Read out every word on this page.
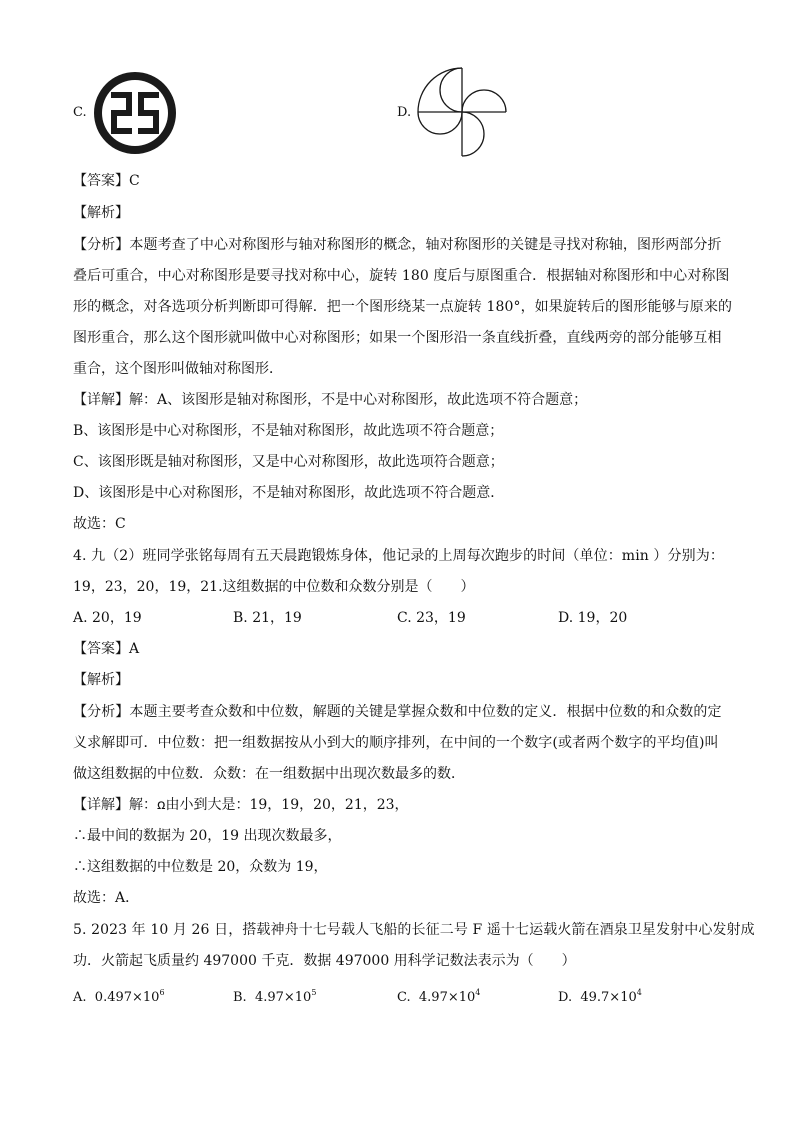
C.	D.
【答案】C
【解析】
【分析】本题考查了中心对称图形与轴对称图形的概念，轴对称图形的关键是寻找对称轴，图形两部分折
叠后可重合，中心对称图形是要寻找对称中心，旋转 180 度后与原图重合．根据轴对称图形和中心对称图
形的概念，对各选项分析判断即可得解．把一个图形绕某一点旋转 180°，如果旋转后的图形能够与原来的
图形重合，那么这个图形就叫做中心对称图形；如果一个图形沿一条直线折叠，直线两旁的部分能够互相
重合，这个图形叫做轴对称图形．
【详解】解：A、该图形是轴对称图形，不是中心对称图形，故此选项不符合题意；
B、该图形是中心对称图形，不是轴对称图形，故此选项不符合题意；
C、该图形既是轴对称图形，又是中心对称图形，故此选项符合题意；
D、该图形是中心对称图形，不是轴对称图形，故此选项不符合题意．
故选：C
4. 九（2）班同学张铭每周有五天晨跑锻炼身体，他记录的上周每次跑步的时间（单位：min ）分别为：
19，23，20，19，21.这组数据的中位数和众数分别是（　　）
A. 20，19	B. 21，19	C. 23，19	D. 19，20
【答案】A
【解析】
【分析】本题主要考查众数和中位数，解题的关键是掌握众数和中位数的定义．根据中位数的和众数的定
义求解即可．中位数：把一组数据按从小到大的顺序排列，在中间的一个数字(或者两个数字的平均值)叫
做这组数据的中位数．众数：在一组数据中出现次数最多的数．
【详解】解：ꭥ由小到大是：19，19，20，21，23，
∴最中间的数据为 20，19 出现次数最多，
∴这组数据的中位数是 20，众数为 19，
故选：A．
5. 2023 年 10 月 26 日，搭载神舟十七号载人飞船的长征二号 F 遥十七运载火箭在酒泉卫星发射中心发射成
功．火箭起飞质量约 497000 千克．数据 497000 用科学记数法表示为（　　）
A. $0.497\times 10^6$	B. $4.97\times 10^5$	C. $4.97\times 10^4$	D. $49.7\times 10^4$
